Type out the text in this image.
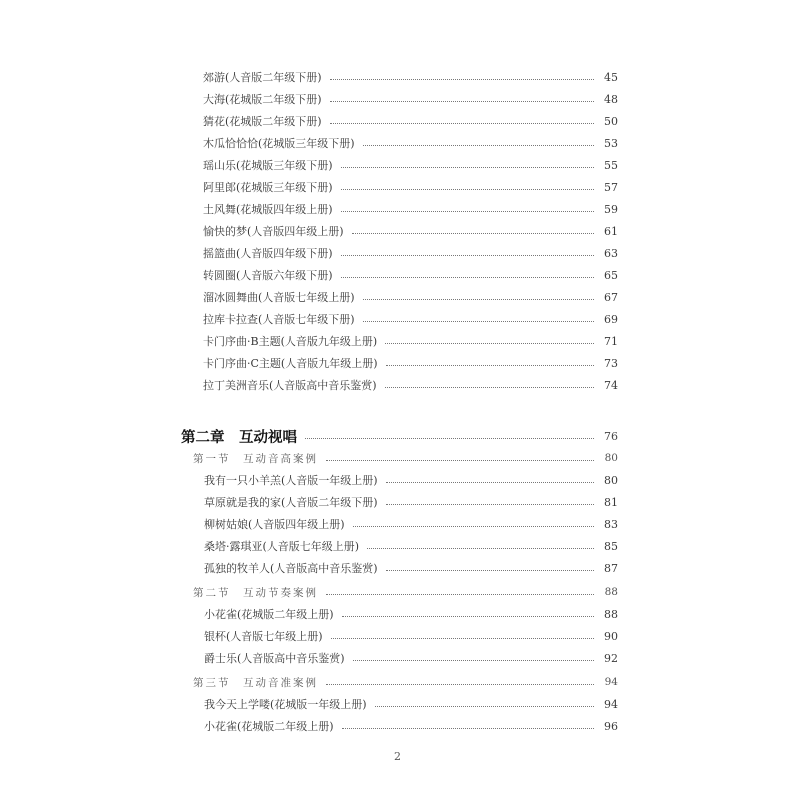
郊游(人音版二年级下册)	45
大海(花城版二年级下册)	48
猜花(花城版二年级下册)	50
木瓜恰恰恰(花城版三年级下册)	53
瑶山乐(花城版三年级下册)	55
阿里郎(花城版三年级下册)	57
土风舞(花城版四年级上册)	59
愉快的梦(人音版四年级上册)	61
摇篮曲(人音版四年级下册)	63
转圆圈(人音版六年级下册)	65
溜冰圆舞曲(人音版七年级上册)	67
拉库卡拉查(人音版七年级下册)	69
卡门序曲·B主题(人音版九年级上册)	71
卡门序曲·C主题(人音版九年级上册)	73
拉丁美洲音乐(人音版高中音乐鉴赏)	74
第二章　互动视唱	76
第一节　互动音高案例	80
我有一只小羊羔(人音版一年级上册)	80
草原就是我的家(人音版二年级下册)	81
柳树姑娘(人音版四年级上册)	83
桑塔·露琪亚(人音版七年级上册)	85
孤独的牧羊人(人音版高中音乐鉴赏)	87
第二节　互动节奏案例	88
小花雀(花城版二年级上册)	88
银杯(人音版七年级上册)	90
爵士乐(人音版高中音乐鉴赏)	92
第三节　互动音准案例	94
我今天上学喽(花城版一年级上册)	94
小花雀(花城版二年级上册)	96
2
